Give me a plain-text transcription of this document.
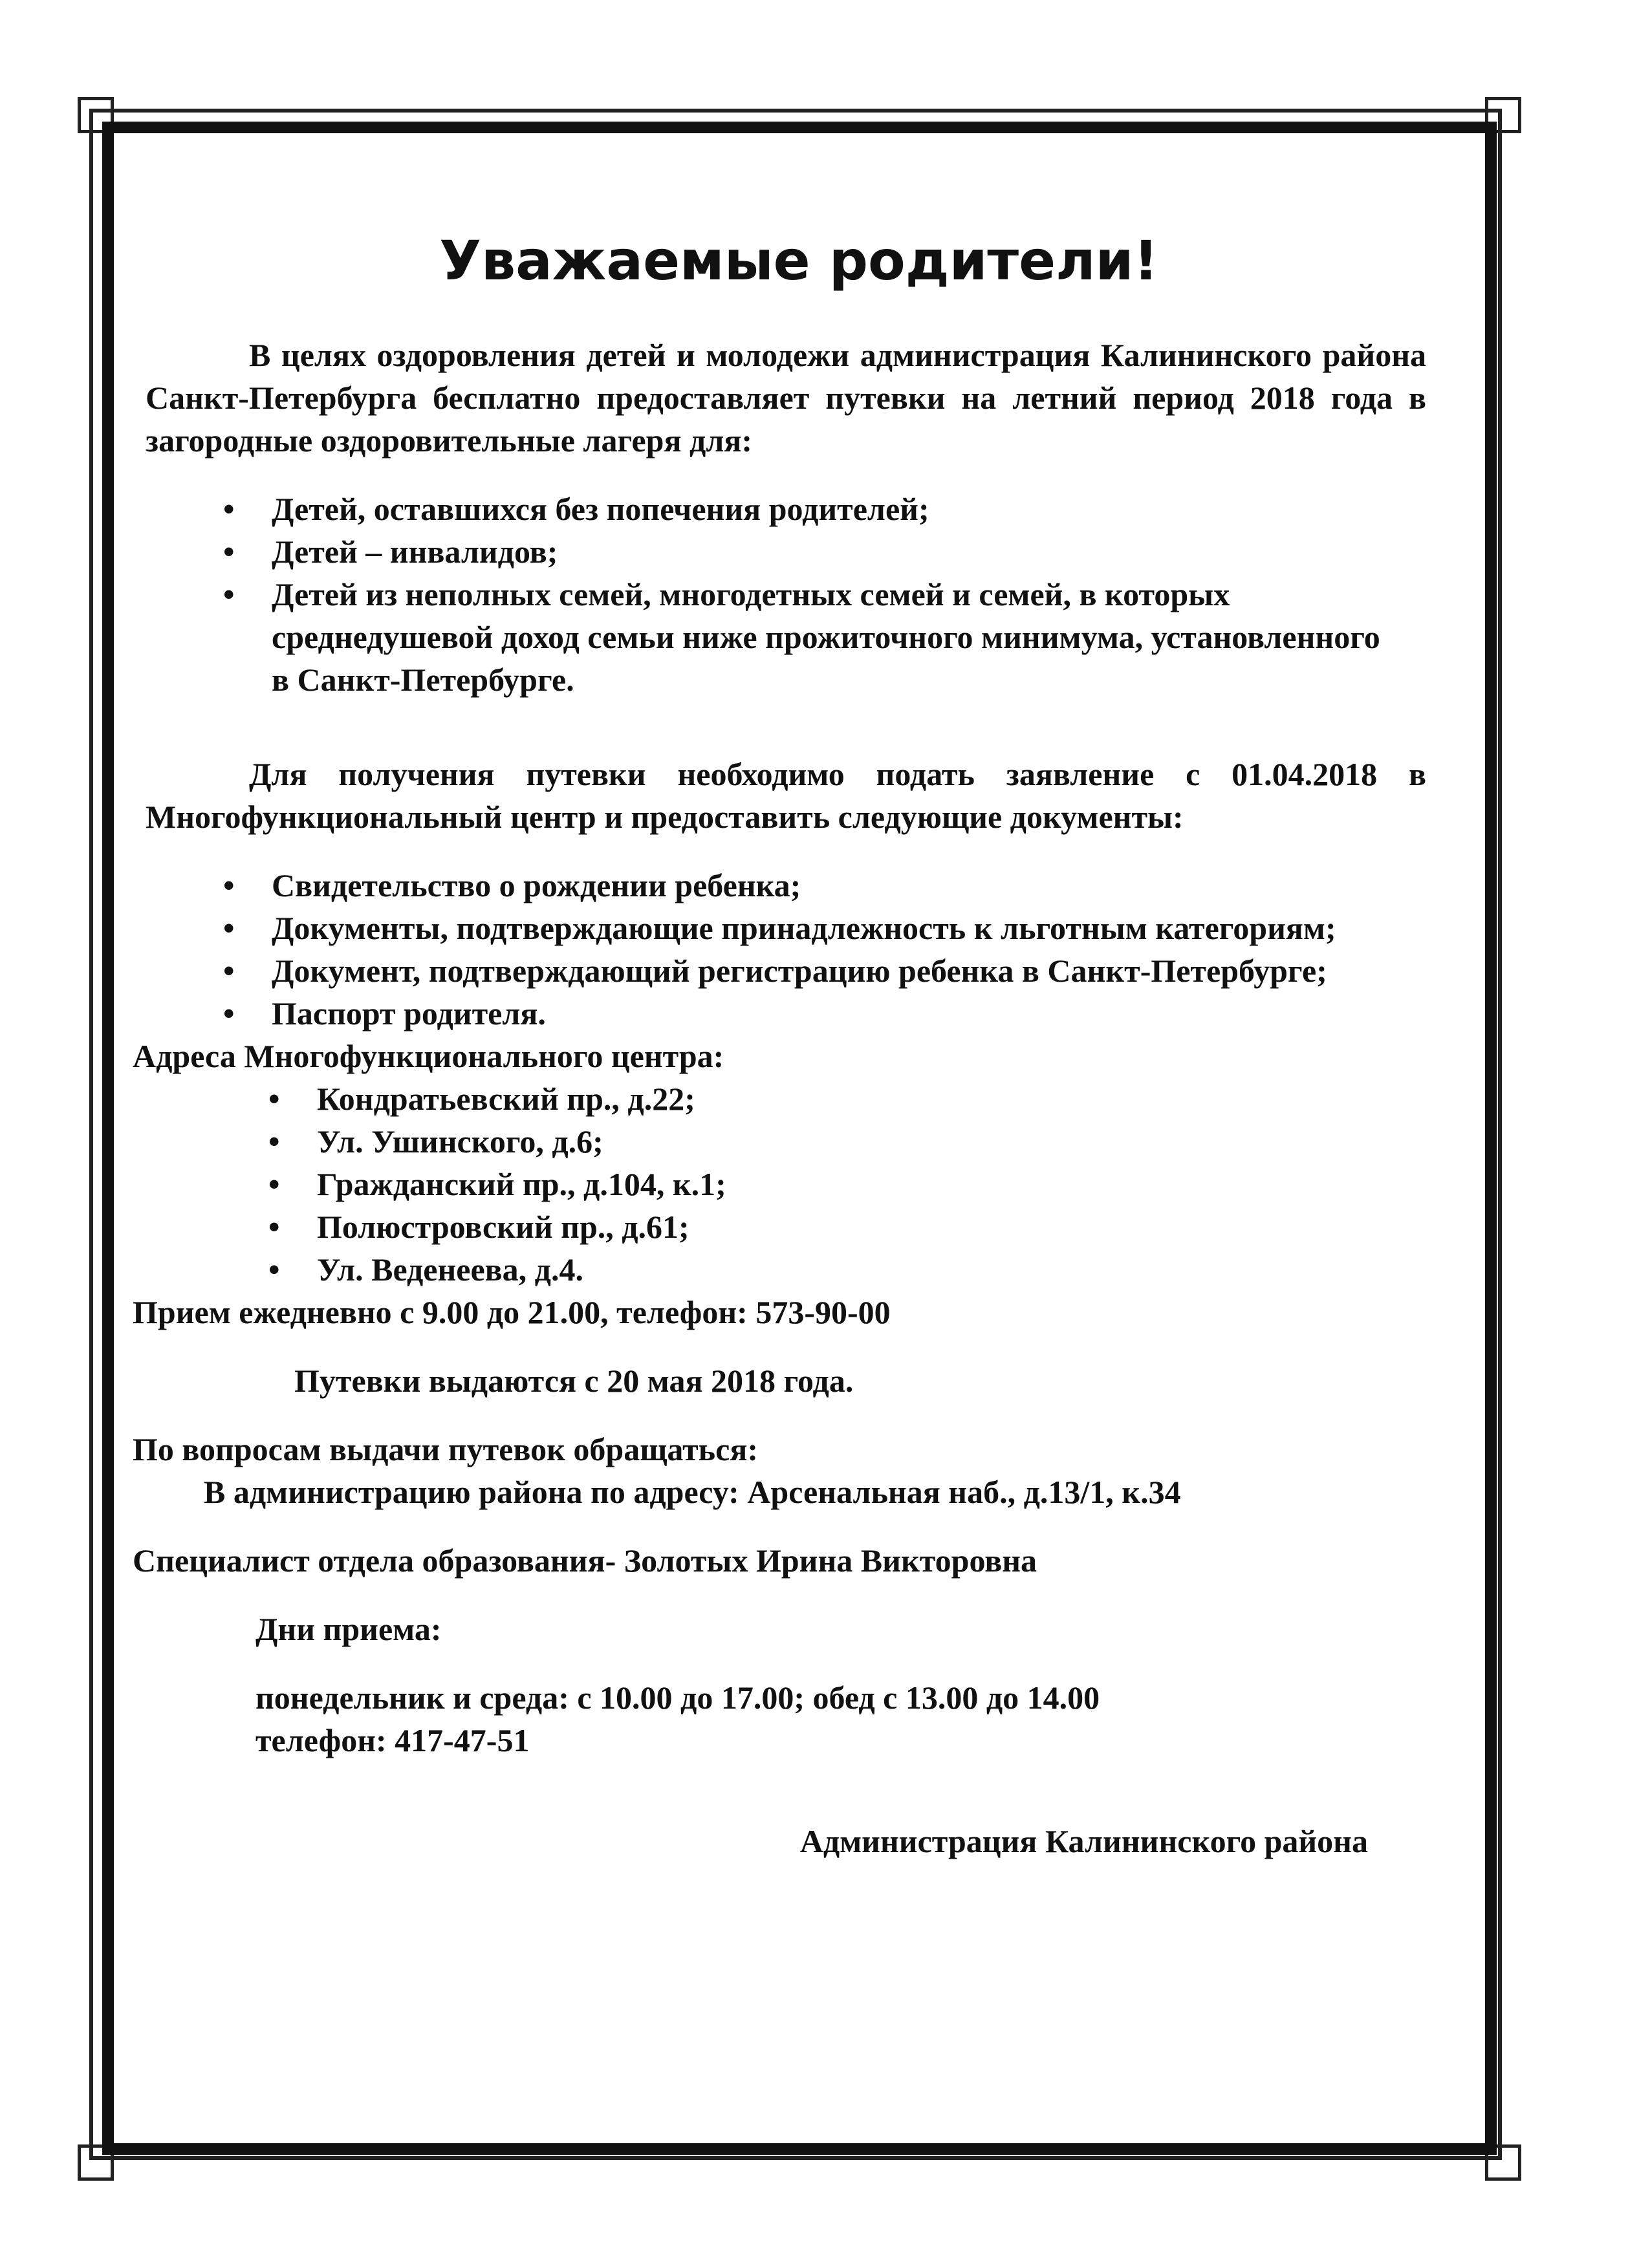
Уважаемые родители!

В целях оздоровления детей и молодежи администрация Калининского района Санкт-Петербурга бесплатно предоставляет путевки на летний период 2018 года в загородные оздоровительные лагеря для:

• Детей, оставшихся без попечения родителей;
• Детей – инвалидов;
• Детей из неполных семей, многодетных семей и семей, в которых среднедушевой доход семьи ниже прожиточного минимума, установленного в Санкт-Петербурге.

Для получения путевки необходимо подать заявление с 01.04.2018 в Многофункциональный центр и предоставить следующие документы:

• Свидетельство о рождении ребенка;
• Документы, подтверждающие принадлежность к льготным категориям;
• Документ, подтверждающий регистрацию ребенка в Санкт-Петербурге;
• Паспорт родителя.

Адреса Многофункционального центра:

• Кондратьевский пр., д.22;
• Ул. Ушинского, д.6;
• Гражданский пр., д.104, к.1;
• Полюстровский пр., д.61;
• Ул. Веденеева, д.4.

Прием ежедневно с 9.00 до 21.00, телефон: 573-90-00

Путевки выдаются с 20 мая 2018 года.

По вопросам выдачи путевок обращаться:

В администрацию района по адресу: Арсенальная наб., д.13/1, к.34

Специалист отдела образования- Золотых Ирина Викторовна

Дни приема:

понедельник и среда: с 10.00 до 17.00; обед с 13.00 до 14.00

телефон: 417-47-51

Администрация Калининского района
